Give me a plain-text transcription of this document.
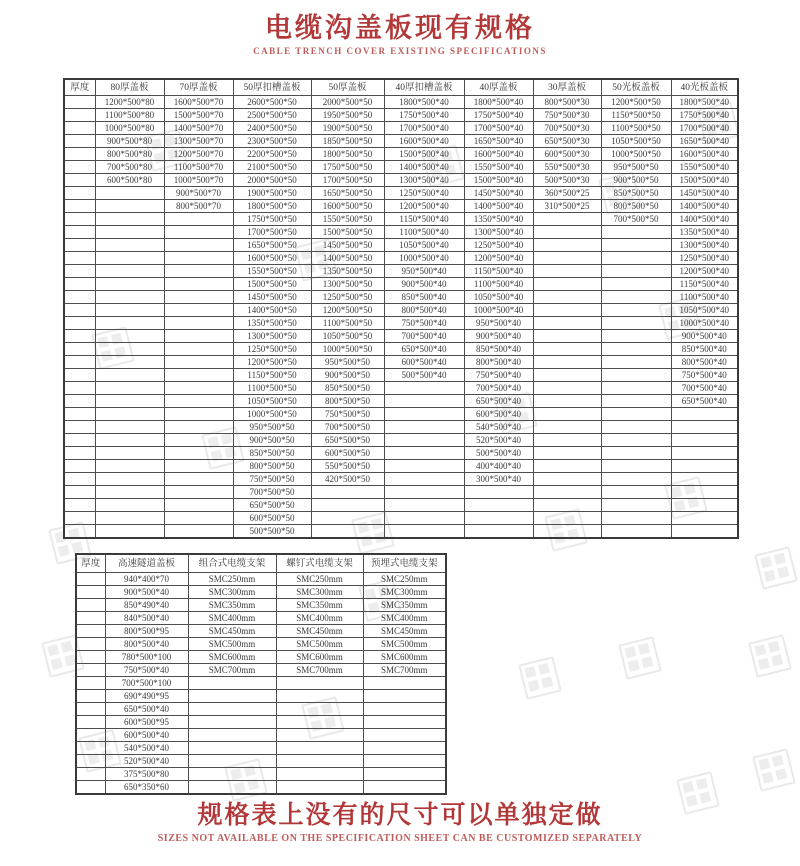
电缆沟盖板现有规格
CABLE TRENCH COVER EXISTING SPECIFICATIONS
厚度	80厚盖板	70厚盖板	50厚扣槽盖板	50厚盖板	40厚扣槽盖板	40厚盖板	30厚盖板	50光板盖板	40光板盖板
	1200*500*80	1600*500*70	2600*500*50	2000*500*50	1800*500*40	1800*500*40	800*500*30	1200*500*50	1800*500*40
	1100*500*80	1500*500*70	2500*500*50	1950*500*50	1750*500*40	1750*500*40	750*500*30	1150*500*50	1750*500*40
	1000*500*80	1400*500*70	2400*500*50	1900*500*50	1700*500*40	1700*500*40	700*500*30	1100*500*50	1700*500*40
	900*500*80	1300*500*70	2300*500*50	1850*500*50	1600*500*40	1650*500*40	650*500*30	1050*500*50	1650*500*40
	800*500*80	1200*500*70	2200*500*50	1800*500*50	1500*500*40	1600*500*40	600*500*30	1000*500*50	1600*500*40
	700*500*80	1100*500*70	2100*500*50	1750*500*50	1400*500*40	1550*500*40	550*500*30	950*500*50	1550*500*40
	600*500*80	1000*500*70	2000*500*50	1700*500*50	1300*500*40	1500*500*40	500*500*30	900*500*50	1500*500*40
		900*500*70	1900*500*50	1650*500*50	1250*500*40	1450*500*40	360*500*25	850*500*50	1450*500*40
		800*500*70	1800*500*50	1600*500*50	1200*500*40	1400*500*40	310*500*25	800*500*50	1400*500*40
			1750*500*50	1550*500*50	1150*500*40	1350*500*40		700*500*50	1400*500*40
			1700*500*50	1500*500*50	1100*500*40	1300*500*40			1350*500*40
			1650*500*50	1450*500*50	1050*500*40	1250*500*40			1300*500*40
			1600*500*50	1400*500*50	1000*500*40	1200*500*40			1250*500*40
			1550*500*50	1350*500*50	950*500*40	1150*500*40			1200*500*40
			1500*500*50	1300*500*50	900*500*40	1100*500*40			1150*500*40
			1450*500*50	1250*500*50	850*500*40	1050*500*40			1100*500*40
			1400*500*50	1200*500*50	800*500*40	1000*500*40			1050*500*40
			1350*500*50	1100*500*50	750*500*40	950*500*40			1000*500*40
			1300*500*50	1050*500*50	700*500*40	900*500*40			900*500*40
			1250*500*50	1000*500*50	650*500*40	850*500*40			850*500*40
			1200*500*50	950*500*50	600*500*40	800*500*40			800*500*40
			1150*500*50	900*500*50	500*500*40	750*500*40			750*500*40
			1100*500*50	850*500*50		700*500*40			700*500*40
			1050*500*50	800*500*50		650*500*40			650*500*40
			1000*500*50	750*500*50		600*500*40			
			950*500*50	700*500*50		540*500*40			
			900*500*50	650*500*50		520*500*40			
			850*500*50	600*500*50		500*500*40			
			800*500*50	550*500*50		400*400*40			
			750*500*50	420*500*50		300*500*40			
			700*500*50						
			650*500*50						
			600*500*50						
			500*500*50						
厚度	高速隧道盖板	组合式电缆支架	螺钉式电缆支架	预埋式电缆支架
	940*400*70	SMC250mm	SMC250mm	SMC250mm
	900*500*40	SMC300mm	SMC300mm	SMC300mm
	850*490*40	SMC350mm	SMC350mm	SMC350mm
	840*500*40	SMC400mm	SMC400mm	SMC400mm
	800*500*95	SMC450mm	SMC450mm	SMC450mm
	800*500*40	SMC500mm	SMC500mm	SMC500mm
	780*500*100	SMC600mm	SMC600mm	SMC600mm
	750*500*40	SMC700mm	SMC700mm	SMC700mm
	700*500*100			
	690*490*95			
	650*500*40			
	600*500*95			
	600*500*40			
	540*500*40			
	520*500*40			
	375*500*80			
	650*350*60			
规格表上没有的尺寸可以单独定做
SIZES NOT AVAILABLE ON THE SPECIFICATION SHEET CAN BE CUSTOMIZED SEPARATELY
